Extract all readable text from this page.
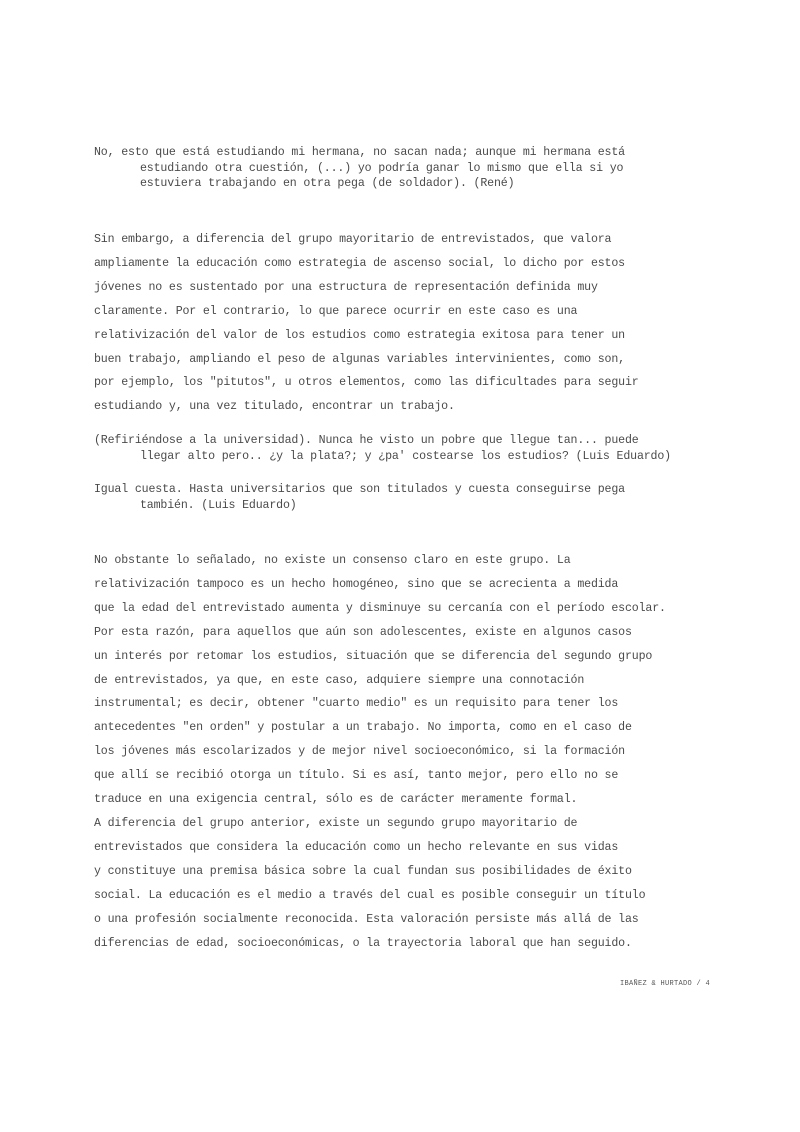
No, esto que está estudiando mi hermana, no sacan nada; aunque mi hermana está
estudiando otra cuestión, (...) yo podría ganar lo mismo que ella si yo
estuviera trabajando en otra pega (de soldador). (René)
Sin embargo, a diferencia del grupo mayoritario de entrevistados, que valora
ampliamente la educación como estrategia de ascenso social, lo dicho por estos
jóvenes no es sustentado por una estructura de representación definida muy
claramente. Por el contrario, lo que parece ocurrir en este caso es una
relativización del valor de los estudios como estrategia exitosa para tener un
buen trabajo, ampliando el peso de algunas variables intervinientes, como son,
por ejemplo, los "pitutos", u otros elementos, como las dificultades para seguir
estudiando y, una vez titulado, encontrar un trabajo.
(Refiriéndose a la universidad). Nunca he visto un pobre que llegue tan... puede
llegar alto pero.. ¿y la plata?; y ¿pa' costearse los estudios? (Luis Eduardo)
Igual cuesta. Hasta universitarios que son titulados y cuesta conseguirse pega
también. (Luis Eduardo)
No obstante lo señalado, no existe un consenso claro en este grupo. La
relativización tampoco es un hecho homogéneo, sino que se acrecienta a medida
que la edad del entrevistado aumenta y disminuye su cercanía con el período escolar.
Por esta razón, para aquellos que aún son adolescentes, existe en algunos casos
un interés por retomar los estudios, situación que se diferencia del segundo grupo
de entrevistados, ya que, en este caso, adquiere siempre una connotación
instrumental; es decir, obtener "cuarto medio" es un requisito para tener los
antecedentes "en orden" y postular a un trabajo. No importa, como en el caso de
los jóvenes más escolarizados y de mejor nivel socioeconómico, si la formación
que allí se recibió otorga un título. Si es así, tanto mejor, pero ello no se
traduce en una exigencia central, sólo es de carácter meramente formal.
A diferencia del grupo anterior, existe un segundo grupo mayoritario de
entrevistados que considera la educación como un hecho relevante en sus vidas
y constituye una premisa básica sobre la cual fundan sus posibilidades de éxito
social. La educación es el medio a través del cual es posible conseguir un título
o una profesión socialmente reconocida. Esta valoración persiste más allá de las
diferencias de edad, socioeconómicas, o la trayectoria laboral que han seguido.
IBAÑEZ & HURTADO / 4
